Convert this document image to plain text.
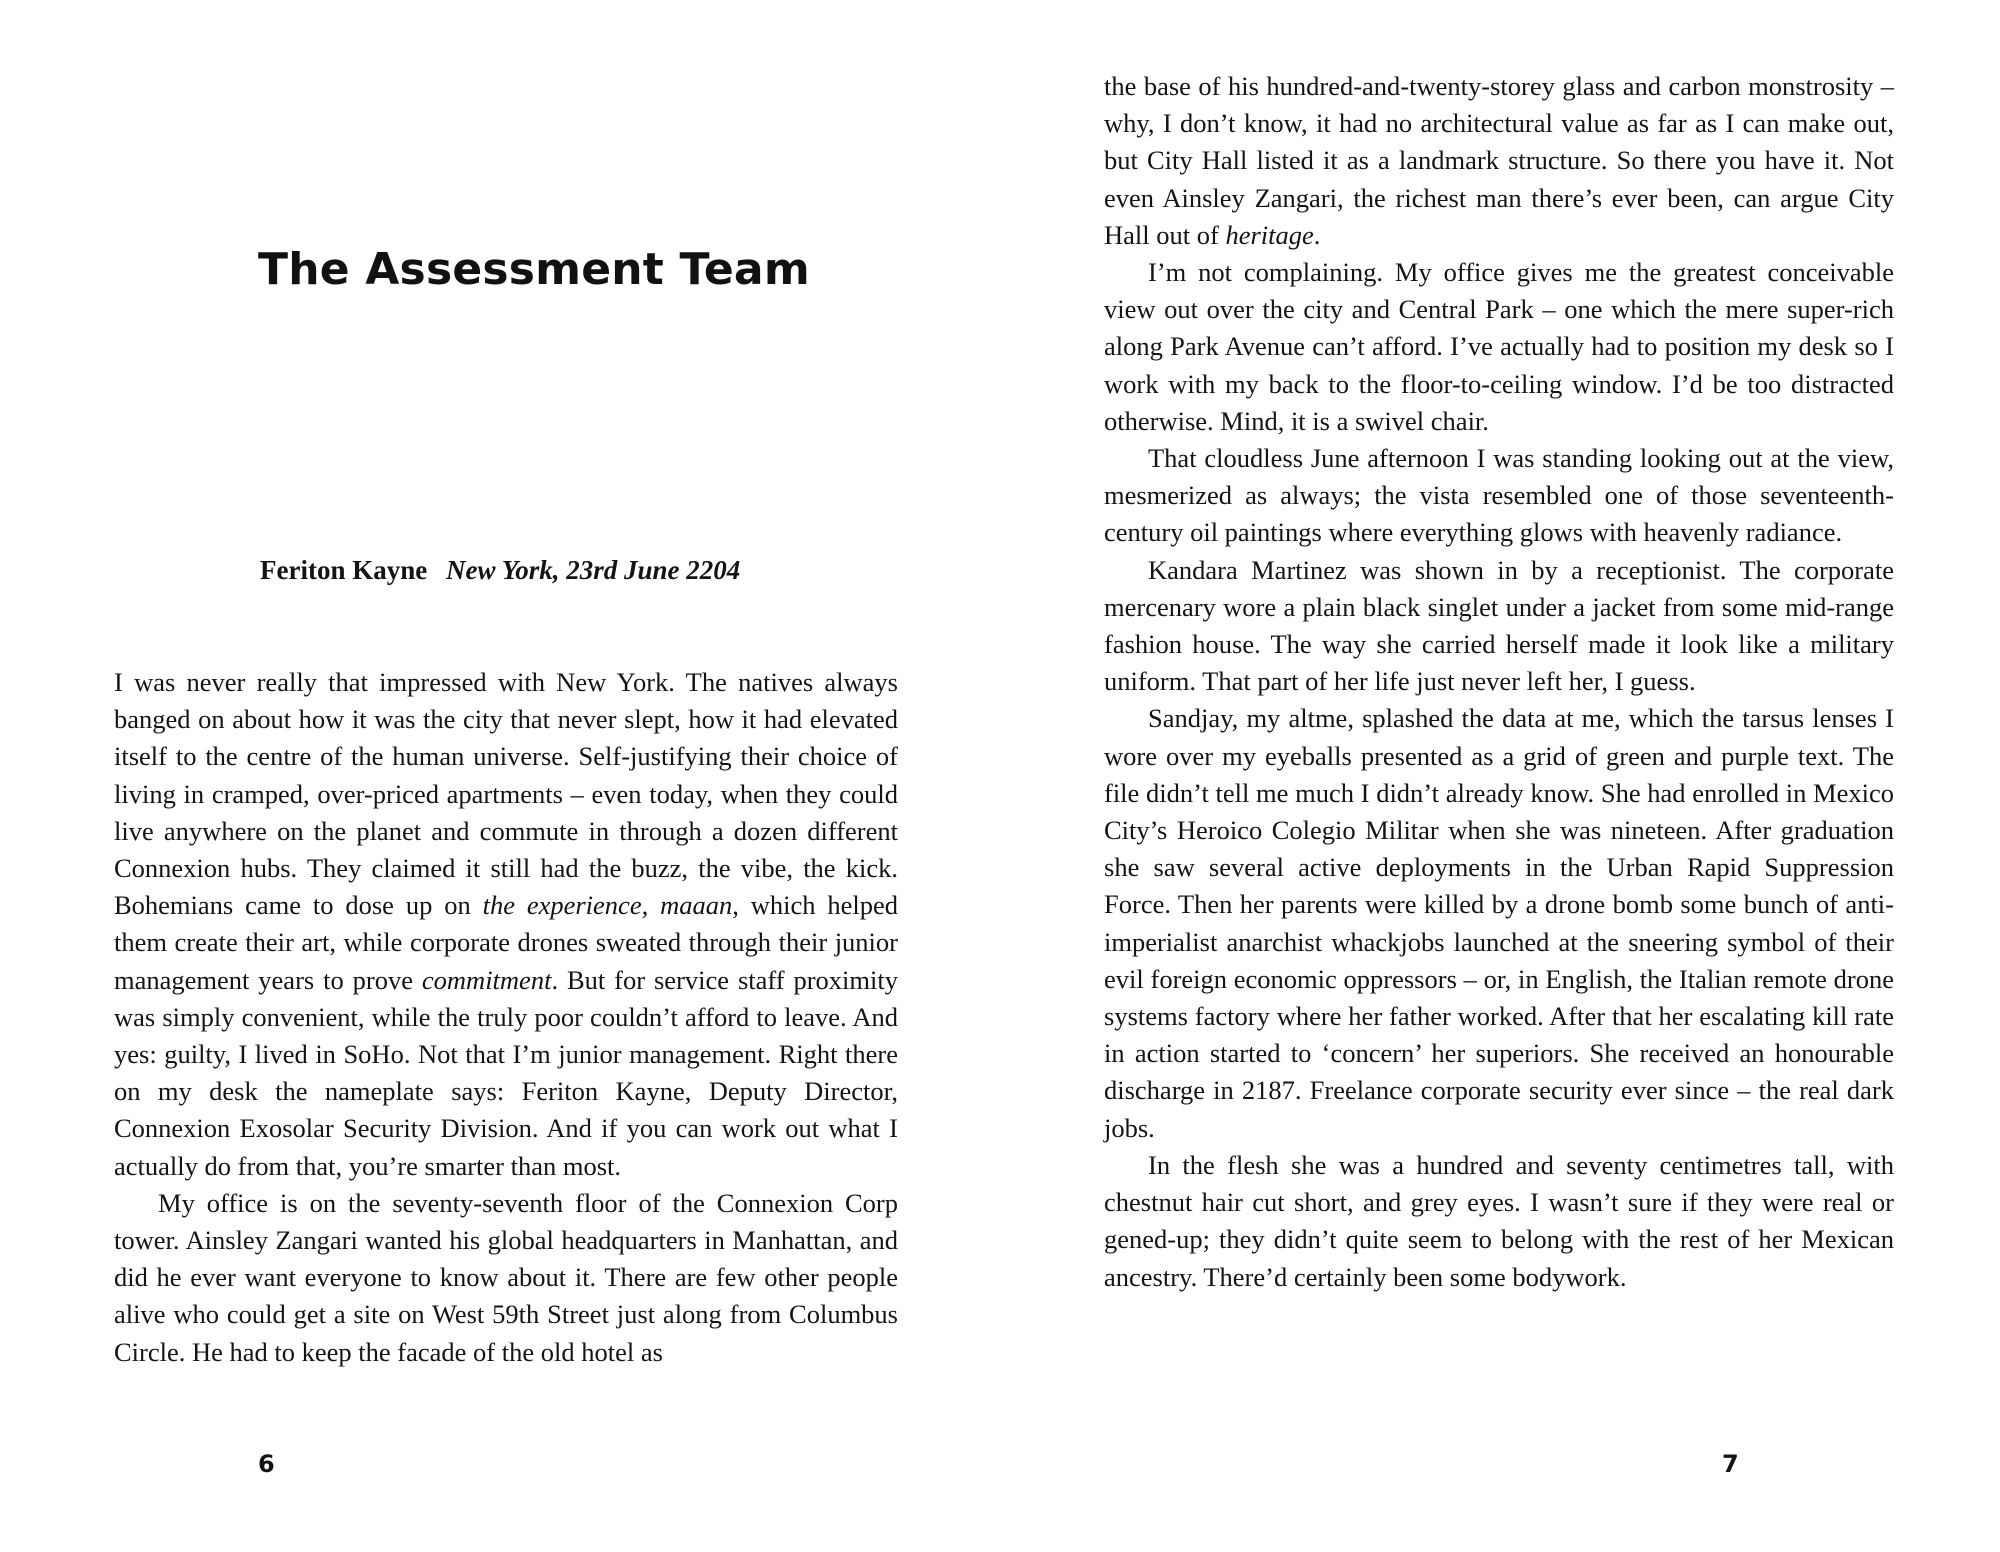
The Assessment Team
Feriton Kayne New York, 23rd June 2204

I was never really that impressed with New York. The natives always banged on about how it was the city that never slept, how it had elevated itself to the centre of the human universe. Self-justifying their choice of living in cramped, over-priced apartments – even today, when they could live anywhere on the planet and commute in through a dozen different Connexion hubs. They claimed it still had the buzz, the vibe, the kick. Bohemians came to dose up on the experience, maaan, which helped them create their art, while corporate drones sweated through their junior management years to prove commitment. But for service staff proximity was simply convenient, while the truly poor couldn’t afford to leave. And yes: guilty, I lived in SoHo. Not that I’m junior management. Right there on my desk the nameplate says: Feriton Kayne, Deputy Director, Connexion Exosolar Security Division. And if you can work out what I actually do from that, you’re smarter than most.

My office is on the seventy-seventh floor of the Connexion Corp tower. Ainsley Zangari wanted his global headquarters in Manhattan, and did he ever want everyone to know about it. There are few other people alive who could get a site on West 59th Street just along from Columbus Circle. He had to keep the facade of the old hotel as

6

the base of his hundred-and-twenty-storey glass and carbon monstrosity – why, I don’t know, it had no architectural value as far as I can make out, but City Hall listed it as a landmark structure. So there you have it. Not even Ainsley Zangari, the richest man there’s ever been, can argue City Hall out of heritage.

I’m not complaining. My office gives me the greatest conceivable view out over the city and Central Park – one which the mere super-rich along Park Avenue can’t afford. I’ve actually had to position my desk so I work with my back to the floor-to-ceiling window. I’d be too distracted otherwise. Mind, it is a swivel chair.

That cloudless June afternoon I was standing looking out at the view, mesmerized as always; the vista resembled one of those seventeenth-century oil paintings where everything glows with heavenly radiance.

Kandara Martinez was shown in by a receptionist. The corporate mercenary wore a plain black singlet under a jacket from some mid-range fashion house. The way she carried herself made it look like a military uniform. That part of her life just never left her, I guess.

Sandjay, my altme, splashed the data at me, which the tarsus lenses I wore over my eyeballs presented as a grid of green and purple text. The file didn’t tell me much I didn’t already know. She had enrolled in Mexico City’s Heroico Colegio Militar when she was nineteen. After graduation she saw several active deployments in the Urban Rapid Suppression Force. Then her parents were killed by a drone bomb some bunch of anti-imperialist anarchist whackjobs launched at the sneering symbol of their evil foreign economic oppressors – or, in English, the Italian remote drone systems factory where her father worked. After that her escalating kill rate in action started to ‘concern’ her superiors. She received an honourable discharge in 2187. Freelance corporate security ever since – the real dark jobs.

In the flesh she was a hundred and seventy centimetres tall, with chestnut hair cut short, and grey eyes. I wasn’t sure if they were real or gened-up; they didn’t quite seem to belong with the rest of her Mexican ancestry. There’d certainly been some bodywork.

7
